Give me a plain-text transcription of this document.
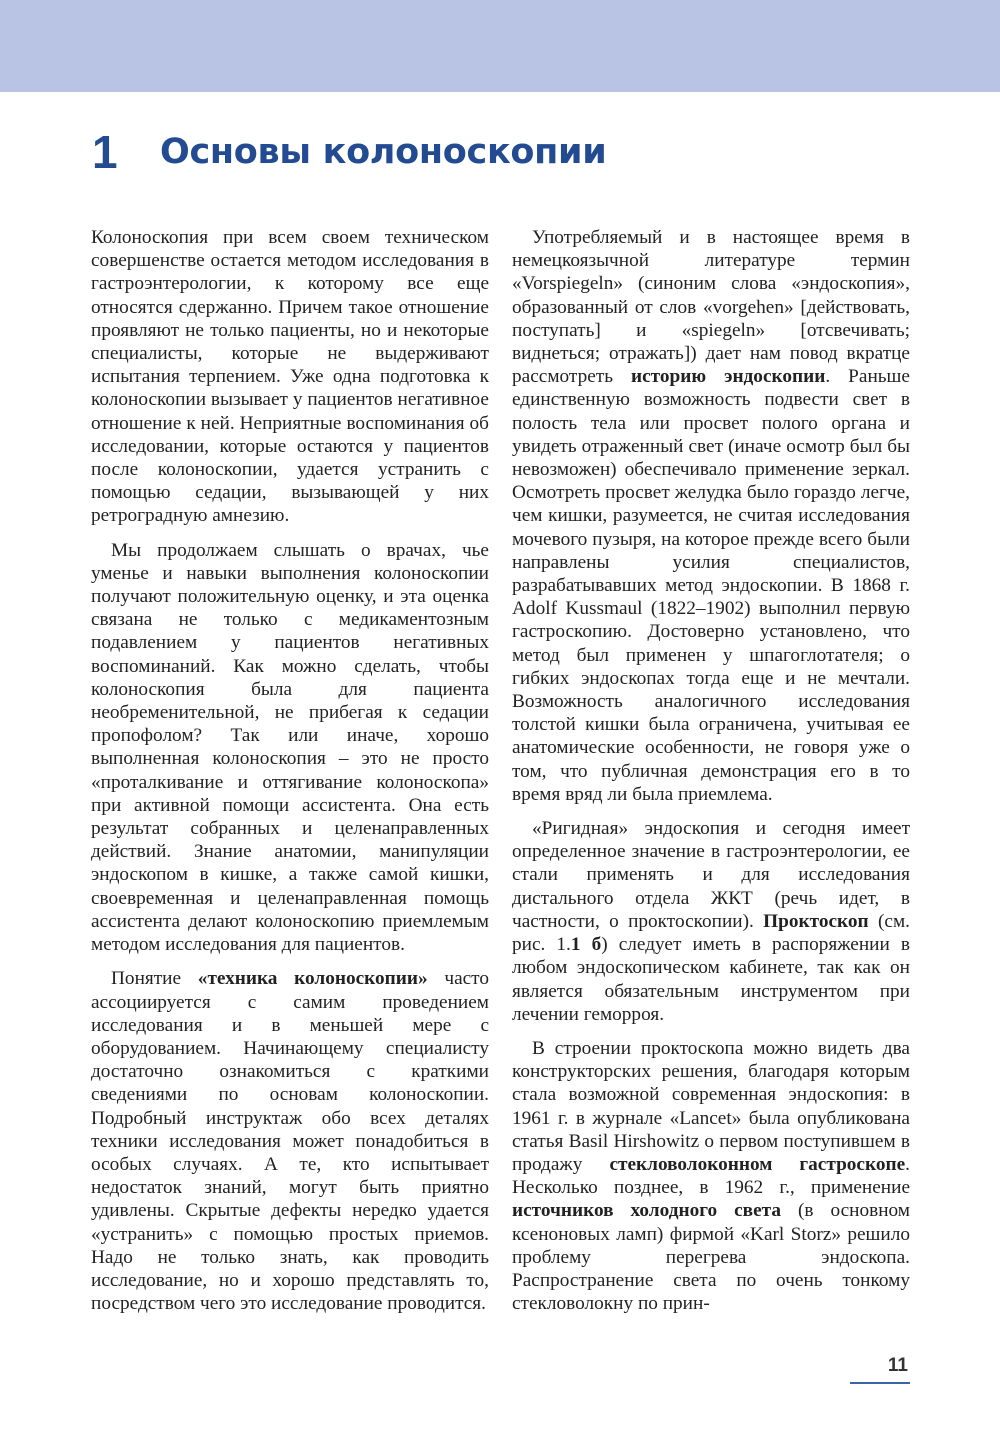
1	Основы колоноскопии

Колоноскопия при всем своем техническом совершенстве остается методом исследования в гастроэнтерологии, к которому все еще относятся сдержанно. Причем такое отношение проявляют не только пациенты, но и некоторые специалисты, которые не выдерживают испытания терпением. Уже одна подготовка к колоноскопии вызывает у пациентов негативное отношение к ней. Неприятные воспоминания об исследовании, которые остаются у пациентов после колоноскопии, удается устранить с помощью седации, вызывающей у них ретроградную амнезию.

Мы продолжаем слышать о врачах, чье уменье и навыки выполнения колоноскопии получают положительную оценку, и эта оценка связана не только с медикаментозным подавлением у пациентов негативных воспоминаний. Как можно сделать, чтобы колоноскопия была для пациента необременительной, не прибегая к седации пропофолом? Так или иначе, хорошо выполненная колоноскопия – это не просто «проталкивание и оттягивание колоноскопа» при активной помощи ассистента. Она есть результат собранных и целенаправленных действий. Знание анатомии, манипуляции эндоскопом в кишке, а также самой кишки, своевременная и целенаправленная помощь ассистента делают колоноскопию приемлемым методом исследования для пациентов.

Понятие «техника колоноскопии» часто ассоциируется с самим проведением исследования и в меньшей мере с оборудованием. Начинающему специалисту достаточно ознакомиться с краткими сведениями по основам колоноскопии. Подробный инструктаж обо всех деталях техники исследования может понадобиться в особых случаях. А те, кто испытывает недостаток знаний, могут быть приятно удивлены. Скрытые дефекты нередко удается «устранить» с помощью простых приемов. Надо не только знать, как проводить исследование, но и хорошо представлять то, посредством чего это исследование проводится.

Употребляемый и в настоящее время в немецкоязычной литературе термин «Vorspiegeln» (синоним слова «эндоскопия», образованный от слов «vorgehen» [действовать, поступать] и «spiegeln» [отсвечивать; виднеться; отражать]) дает нам повод вкратце рассмотреть историю эндоскопии. Раньше единственную возможность подвести свет в полость тела или просвет полого органа и увидеть отраженный свет (иначе осмотр был бы невозможен) обеспечивало применение зеркал. Осмотреть просвет желудка было гораздо легче, чем кишки, разумеется, не считая исследования мочевого пузыря, на которое прежде всего были направлены усилия специалистов, разрабатывавших метод эндоскопии. В 1868 г. Adolf Kussmaul (1822–1902) выполнил первую гастроскопию. Достоверно установлено, что метод был применен у шпагоглотателя; о гибких эндоскопах тогда еще и не мечтали. Возможность аналогичного исследования толстой кишки была ограничена, учитывая ее анатомические особенности, не говоря уже о том, что публичная демонстрация его в то время вряд ли была приемлема.

«Ригидная» эндоскопия и сегодня имеет определенное значение в гастроэнтерологии, ее стали применять и для исследования дистального отдела ЖКТ (речь идет, в частности, о проктоскопии). Проктоскоп (см. рис. 1.1 б) следует иметь в распоряжении в любом эндоскопическом кабинете, так как он является обязательным инструментом при лечении геморроя.

В строении проктоскопа можно видеть два конструкторских решения, благодаря которым стала возможной современная эндоскопия: в 1961 г. в журнале «Lancet» была опубликована статья Basil Hirshowitz о первом поступившем в продажу стекловолоконном гастроскопе. Несколько позднее, в 1962 г., применение источников холодного света (в основном ксеноновых ламп) фирмой «Karl Storz» решило проблему перегрева эндоскопа. Распространение света по очень тонкому стекловолокну по прин-

11
